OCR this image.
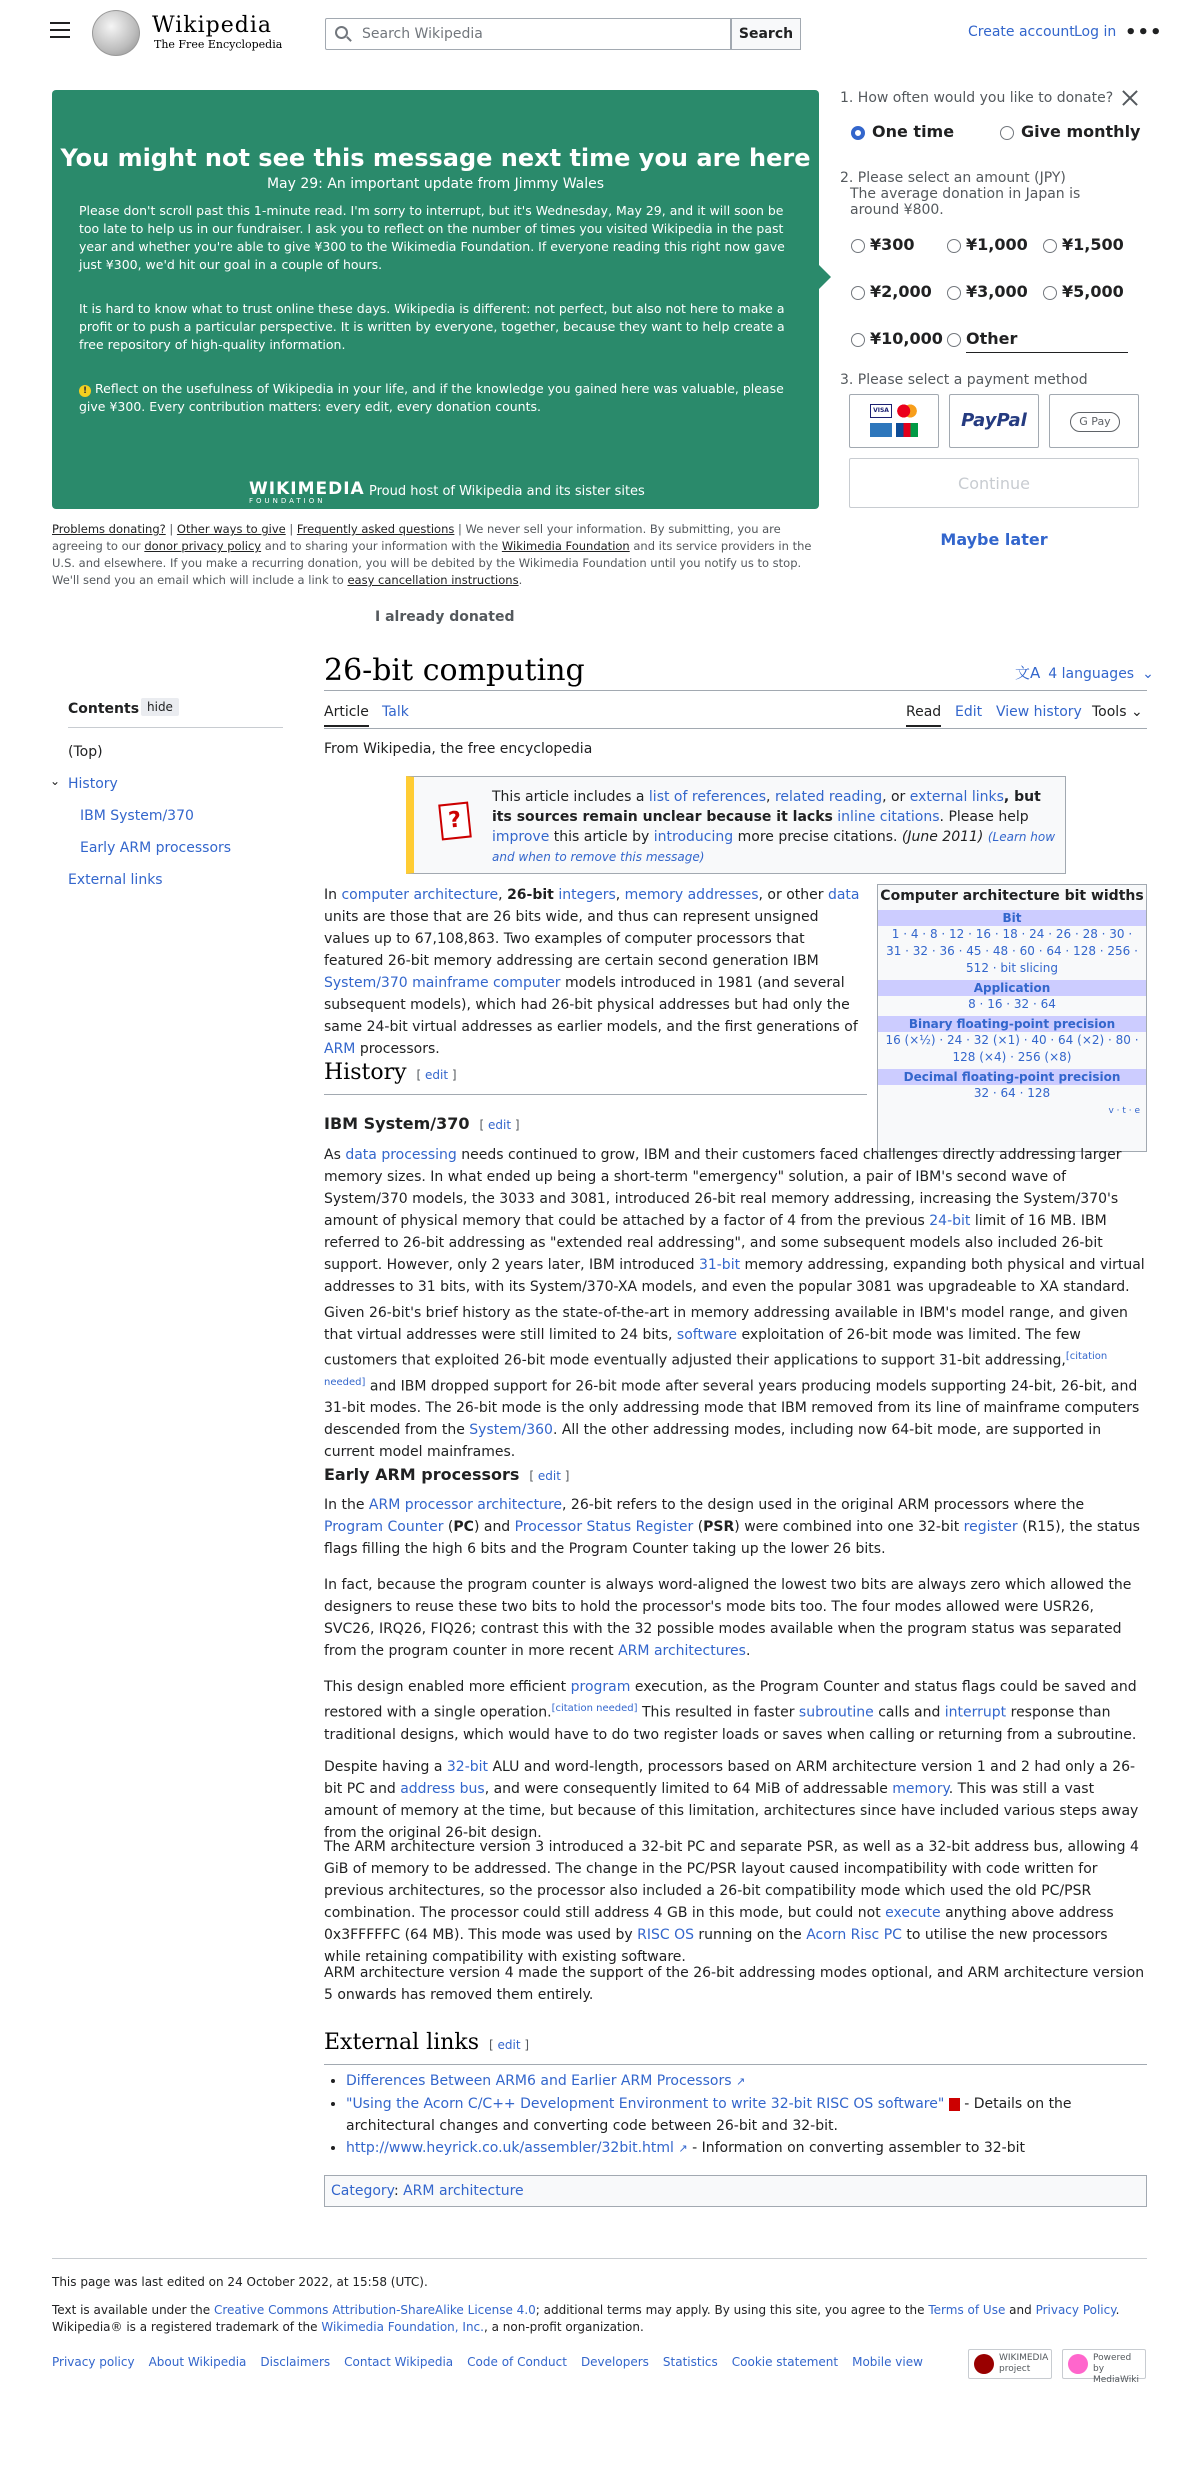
Wikipedia
The Free Encyclopedia
Search Wikipedia	Search	Create account Log in •••
You might not see this message next time you are here
May 29: An important update from Jimmy Wales
Please don't scroll past this 1-minute read. I'm sorry to interrupt, but it's Wednesday, May 29, and it will soon be too late to help us in our fundraiser. I ask you to reflect on the number of times you visited Wikipedia in the past year and whether you're able to give ¥300 to the Wikimedia Foundation. If everyone reading this right now gave just ¥300, we'd hit our goal in a couple of hours.
It is hard to know what to trust online these days. Wikipedia is different: not perfect, but also not here to make a profit or to push a particular perspective. It is written by everyone, together, because they want to help create a free repository of high-quality information.
! Reflect on the usefulness of Wikipedia in your life, and if the knowledge you gained here was valuable, please give ¥300. Every contribution matters: every edit, every donation counts.
WIKIMEDIA
FOUNDATION
Proud host of Wikipedia and its sister sites
1. How often would you like to donate?
One time	Give monthly
2. Please select an amount (JPY)
The average donation in Japan is around ¥800.
¥300	¥1,000 ¥1,500
¥2,000 ¥3,000 ¥5,000
¥10,000 Other
3. Please select a payment method
VISA	PayPal	G Pay
Continue
Maybe later
Problems donating? | Other ways to give | Frequently asked questions | We never sell your information. By submitting, you are agreeing to our donor privacy policy and to sharing your information with the Wikimedia Foundation and its service providers in the U.S. and elsewhere. If you make a recurring donation, you will be debited by the Wikimedia Foundation until you notify us to stop. We'll send you an email which will include a link to easy cancellation instructions.
I already donated
26-bit computing	文A 4 languages ⌄
Article Talk	Read Edit View history Tools ⌄
Contents hide
(Top)
⌄ History
IBM System/370
Early ARM processors
External links
From Wikipedia, the free encyclopedia
?
This article includes a list of references, related reading, or external links, but its sources remain unclear because it lacks inline citations. Please help improve this article by introducing more precise citations. (June 2011) (Learn how and when to remove this message)
In computer architecture, 26-bit integers, memory addresses, or other data units are those that are 26 bits wide, and thus can represent unsigned values up to 67,108,863. Two examples of computer processors that featured 26-bit memory addressing are certain second generation IBM System/370 mainframe computer models introduced in 1981 (and several subsequent models), which had 26-bit physical addresses but had only the same 24-bit virtual addresses as earlier models, and the first generations of ARM processors.
Computer architecture bit widths
Bit
1 · 4 · 8 · 12 · 16 · 18 · 24 · 26 · 28 · 30 ·
31 · 32 · 36 · 45 · 48 · 60 · 64 · 128 · 256 ·
512 · bit slicing
Application
8 · 16 · 32 · 64
Binary floating-point precision
16 (×½) · 24 · 32 (×1) · 40 · 64 (×2) · 80 ·
128 (×4) · 256 (×8)
Decimal floating-point precision
32 · 64 · 128
v · t · e
History [ edit ]
IBM System/370 [ edit ]
As data processing needs continued to grow, IBM and their customers faced challenges directly addressing larger memory sizes. In what ended up being a short-term "emergency" solution, a pair of IBM's second wave of System/370 models, the 3033 and 3081, introduced 26-bit real memory addressing, increasing the System/370's amount of physical memory that could be attached by a factor of 4 from the previous 24-bit limit of 16 MB. IBM referred to 26-bit addressing as "extended real addressing", and some subsequent models also included 26-bit support. However, only 2 years later, IBM introduced 31-bit memory addressing, expanding both physical and virtual addresses to 31 bits, with its System/370-XA models, and even the popular 3081 was upgradeable to XA standard.
Given 26-bit's brief history as the state-of-the-art in memory addressing available in IBM's model range, and given that virtual addresses were still limited to 24 bits, software exploitation of 26-bit mode was limited. The few customers that exploited 26-bit mode eventually adjusted their applications to support 31-bit addressing,[citation needed] and IBM dropped support for 26-bit mode after several years producing models supporting 24-bit, 26-bit, and 31-bit modes. The 26-bit mode is the only addressing mode that IBM removed from its line of mainframe computers descended from the System/360. All the other addressing modes, including now 64-bit mode, are supported in current model mainframes.
Early ARM processors [ edit ]
In the ARM processor architecture, 26-bit refers to the design used in the original ARM processors where the Program Counter (PC) and Processor Status Register (PSR) were combined into one 32-bit register (R15), the status flags filling the high 6 bits and the Program Counter taking up the lower 26 bits.
In fact, because the program counter is always word-aligned the lowest two bits are always zero which allowed the designers to reuse these two bits to hold the processor's mode bits too. The four modes allowed were USR26, SVC26, IRQ26, FIQ26; contrast this with the 32 possible modes available when the program status was separated from the program counter in more recent ARM architectures.
This design enabled more efficient program execution, as the Program Counter and status flags could be saved and restored with a single operation.[citation needed] This resulted in faster subroutine calls and interrupt response than traditional designs, which would have to do two register loads or saves when calling or returning from a subroutine.
Despite having a 32-bit ALU and word-length, processors based on ARM architecture version 1 and 2 had only a 26-bit PC and address bus, and were consequently limited to 64 MiB of addressable memory. This was still a vast amount of memory at the time, but because of this limitation, architectures since have included various steps away from the original 26-bit design.
The ARM architecture version 3 introduced a 32-bit PC and separate PSR, as well as a 32-bit address bus, allowing 4 GiB of memory to be addressed. The change in the PC/PSR layout caused incompatibility with code written for previous architectures, so the processor also included a 26-bit compatibility mode which used the old PC/PSR combination. The processor could still address 4 GB in this mode, but could not execute anything above address 0x3FFFFFC (64 MB). This mode was used by RISC OS running on the Acorn Risc PC to utilise the new processors while retaining compatibility with existing software.
ARM architecture version 4 made the support of the 26-bit addressing modes optional, and ARM architecture version 5 onwards has removed them entirely.
External links [ edit ]
• Differences Between ARM6 and Earlier ARM Processors ↗
• "Using the Acorn C/C++ Development Environment to write 32-bit RISC OS software" - Details on the architectural changes and converting code between 26-bit and 32-bit.
• http://www.heyrick.co.uk/assembler/32bit.html ↗ - Information on converting assembler to 32-bit
Category: ARM architecture
This page was last edited on 24 October 2022, at 15:58 (UTC).
Text is available under the Creative Commons Attribution-ShareAlike License 4.0; additional terms may apply. By using this site, you agree to the Terms of Use and Privacy Policy. Wikipedia® is a registered trademark of the Wikimedia Foundation, Inc., a non-profit organization.
Privacy policy About Wikipedia Disclaimers Contact Wikipedia Code of Conduct Developers Statistics Cookie statement Mobile view	WIKIMEDIA project
Powered by MediaWiki
